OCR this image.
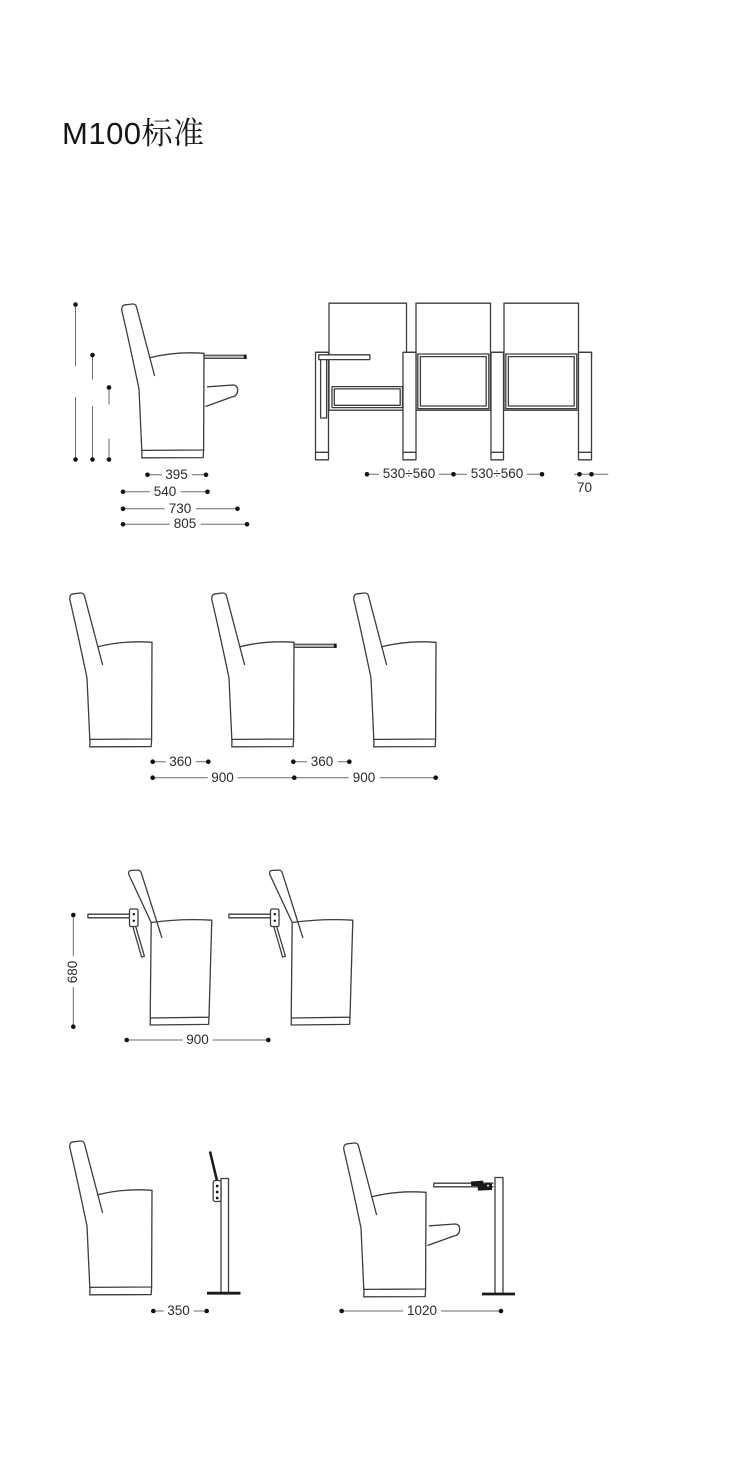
M100标准
395
540
730
805
530÷560	530÷560
70
360	360
900	900
680
900
350	1020
